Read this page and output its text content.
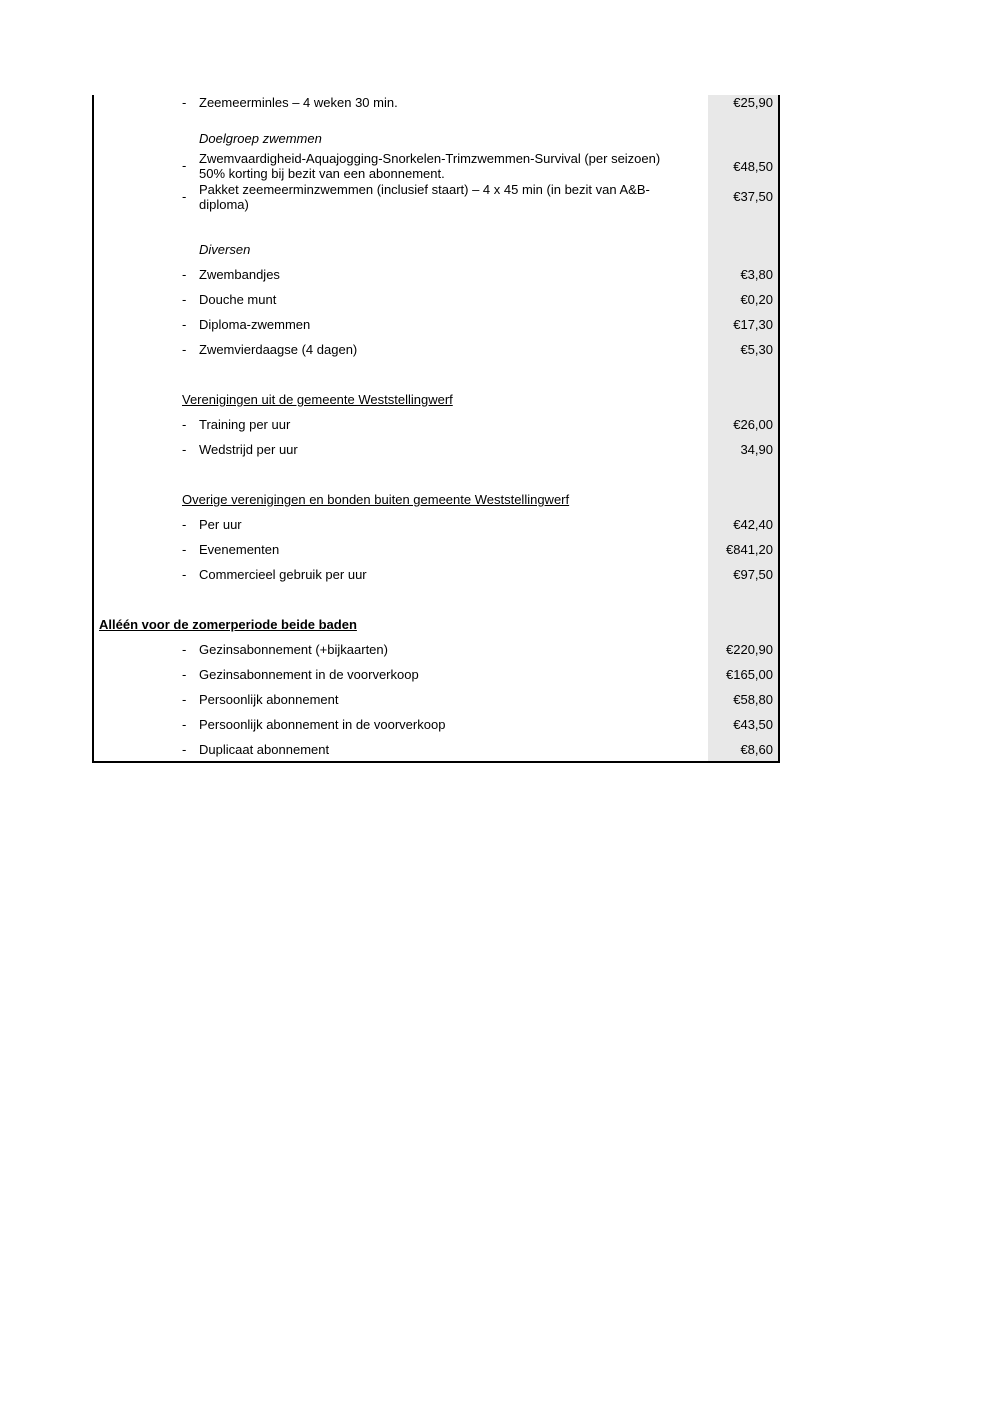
- Zeemeerminles – 4 weken 30 min.	€25,90
Doelgroep zwemmen
- Zwemvaardigheid-Aquajogging-Snorkelen-Trimzwemmen-Survival (per seizoen)
50% korting bij bezit van een abonnement.	€48,50
- Pakket zeemeerminzwemmen (inclusief staart) – 4 x 45 min (in bezit van A&B-
diploma)
€37,50
Diversen
- Zwembandjes	€3,80
- Douche munt	€0,20
- Diploma-zwemmen	€17,30
- Zwemvierdaagse (4 dagen)	€5,30
Verenigingen uit de gemeente Weststellingwerf
- Training per uur	€26,00
- Wedstrijd per uur	34,90
Overige verenigingen en bonden buiten gemeente Weststellingwerf
- Per uur	€42,40
- Evenementen	€841,20
- Commercieel gebruik per uur	€97,50
Alléén voor de zomerperiode beide baden
- Gezinsabonnement (+bijkaarten)	€220,90
- Gezinsabonnement in de voorverkoop	€165,00
- Persoonlijk abonnement	€58,80
- Persoonlijk abonnement in de voorverkoop	€43,50
- Duplicaat abonnement	€8,60
